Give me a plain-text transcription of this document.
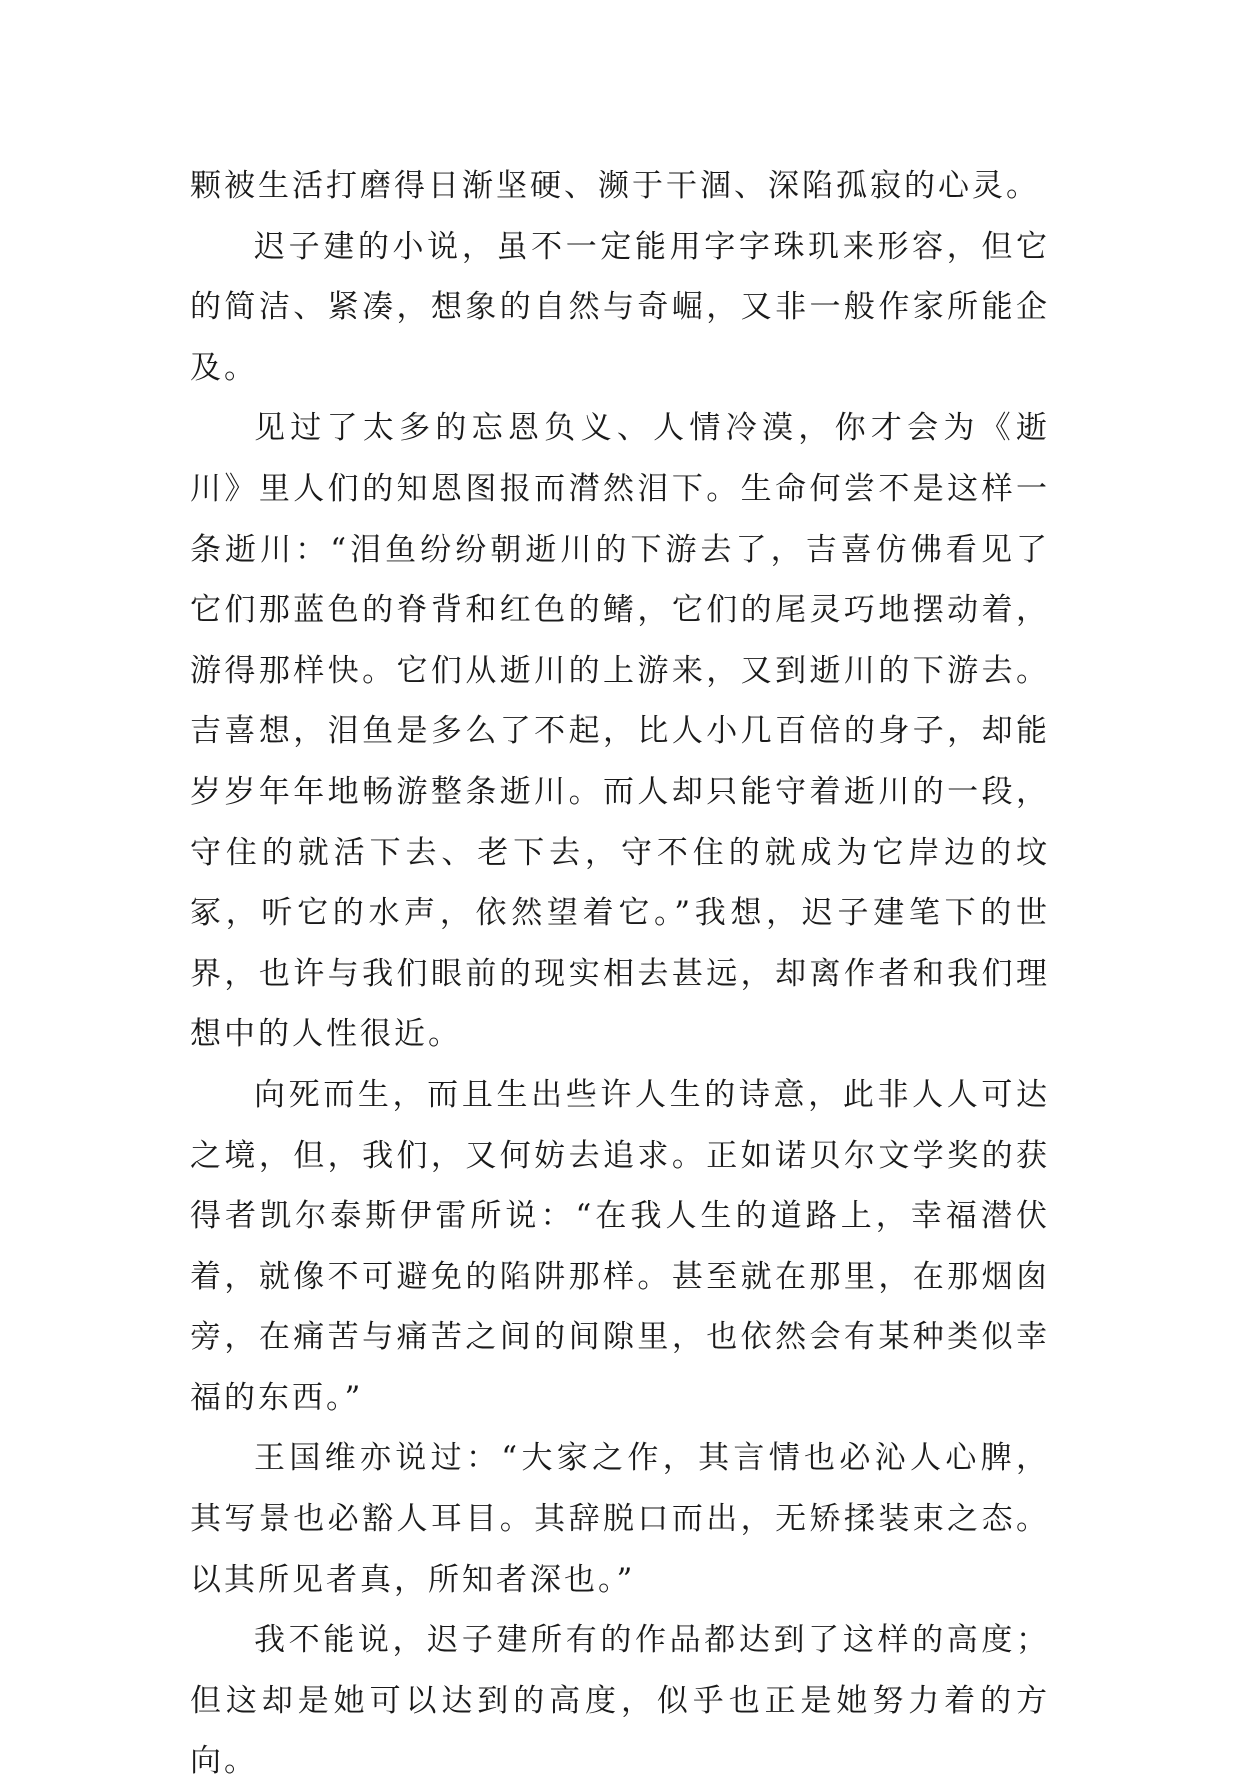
颗被生活打磨得日渐坚硬、濒于干涸、深陷孤寂的心灵。

迟子建的小说，虽不一定能用字字珠玑来形容，但它的简洁、紧凑，想象的自然与奇崛，又非一般作家所能企及。

见过了太多的忘恩负义、人情冷漠，你才会为《逝川》里人们的知恩图报而潸然泪下。生命何尝不是这样一条逝川：“泪鱼纷纷朝逝川的下游去了，吉喜仿佛看见了它们那蓝色的脊背和红色的鳍，它们的尾灵巧地摆动着，游得那样快。它们从逝川的上游来，又到逝川的下游去。吉喜想，泪鱼是多么了不起，比人小几百倍的身子，却能岁岁年年地畅游整条逝川。而人却只能守着逝川的一段，守住的就活下去、老下去，守不住的就成为它岸边的坟冢，听它的水声，依然望着它。”我想，迟子建笔下的世界，也许与我们眼前的现实相去甚远，却离作者和我们理想中的人性很近。

向死而生，而且生出些许人生的诗意，此非人人可达之境，但，我们，又何妨去追求。正如诺贝尔文学奖的获得者凯尔泰斯伊雷所说：“在我人生的道路上，幸福潜伏着，就像不可避免的陷阱那样。甚至就在那里，在那烟囱旁，在痛苦与痛苦之间的间隙里，也依然会有某种类似幸福的东西。”

王国维亦说过：“大家之作，其言情也必沁人心脾，其写景也必豁人耳目。其辞脱口而出，无矫揉装束之态。以其所见者真，所知者深也。”

我不能说，迟子建所有的作品都达到了这样的高度；但这却是她可以达到的高度，似乎也正是她努力着的方向。
